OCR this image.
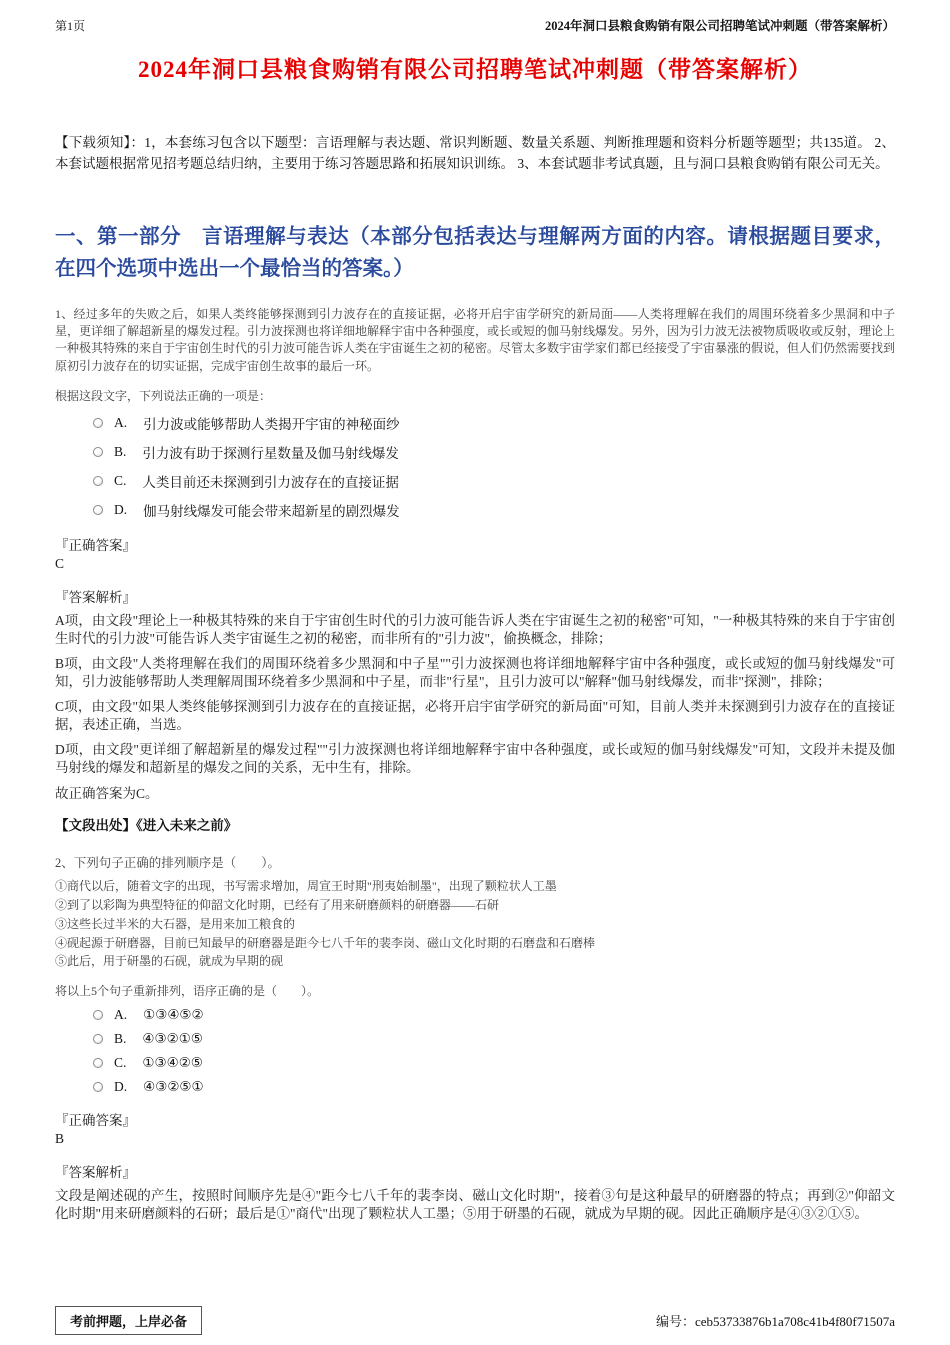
第1页	2024年洞口县粮食购销有限公司招聘笔试冲刺题（带答案解析）
2024年洞口县粮食购销有限公司招聘笔试冲刺题（带答案解析）

【下载须知】：1，本套练习包含以下题型：言语理解与表达题、常识判断题、数量关系题、判断推理题和资料分析题等题型；共135道。 2、本套试题根据常见招考题总结归纳，主要用于练习答题思路和拓展知识训练。 3、本套试题非考试真题，且与洞口县粮食购销有限公司无关。

一、第一部分　言语理解与表达（本部分包括表达与理解两方面的内容。请根据题目要求，在四个选项中选出一个最恰当的答案。）

1、经过多年的失败之后，如果人类终能够探测到引力波存在的直接证据，必将开启宇宙学研究的新局面——人类将理解在我们的周围环绕着多少黑洞和中子星，更详细了解超新星的爆发过程。引力波探测也将详细地解释宇宙中各种强度，或长或短的伽马射线爆发。另外，因为引力波无法被物质吸收或反射，理论上一种极其特殊的来自于宇宙创生时代的引力波可能告诉人类在宇宙诞生之初的秘密。尽管太多数宇宙学家们都已经接受了宇宙暴涨的假说，但人们仍然需要找到原初引力波存在的切实证据，完成宇宙创生故事的最后一环。

根据这段文字，下列说法正确的一项是：

A. 引力波或能够帮助人类揭开宇宙的神秘面纱
B. 引力波有助于探测行星数量及伽马射线爆发
C. 人类目前还未探测到引力波存在的直接证据
D. 伽马射线爆发可能会带来超新星的剧烈爆发

『正确答案』

C

『答案解析』

A项，由文段"理论上一种极其特殊的来自于宇宙创生时代的引力波可能告诉人类在宇宙诞生之初的秘密"可知，"一种极其特殊的来自于宇宙创生时代的引力波"可能告诉人类宇宙诞生之初的秘密，而非所有的"引力波"，偷换概念，排除；

B项，由文段"人类将理解在我们的周围环绕着多少黑洞和中子星""引力波探测也将详细地解释宇宙中各种强度，或长或短的伽马射线爆发"可知，引力波能够帮助人类理解周围环绕着多少黑洞和中子星，而非"行星"，且引力波可以"解释"伽马射线爆发，而非"探测"，排除；

C项，由文段"如果人类终能够探测到引力波存在的直接证据，必将开启宇宙学研究的新局面"可知，目前人类并未探测到引力波存在的直接证据，表述正确，当选。

D项，由文段"更详细了解超新星的爆发过程""引力波探测也将详细地解释宇宙中各种强度，或长或短的伽马射线爆发"可知，文段并未提及伽马射线的爆发和超新星的爆发之间的关系，无中生有，排除。

故正确答案为C。

【文段出处】《进入未来之前》

2、下列句子正确的排列顺序是（　　）。

①商代以后，随着文字的出现，书写需求增加，周宣王时期"刑夷始制墨"，出现了颗粒状人工墨

②到了以彩陶为典型特征的仰韶文化时期，已经有了用来研磨颜料的研磨器——石研

③这些长过半米的大石器，是用来加工粮食的

④砚起源于研磨器，目前已知最早的研磨器是距今七八千年的裴李岗、磁山文化时期的石磨盘和石磨棒

⑤此后，用于研墨的石砚，就成为早期的砚

将以上5个句子重新排列，语序正确的是（　　）。

A. ①③④⑤②
B. ④③②①⑤
C. ①③④②⑤
D. ④③②⑤①

『正确答案』

B

『答案解析』

文段是阐述砚的产生，按照时间顺序先是④"距今七八千年的裴李岗、磁山文化时期"，接着③句是这种最早的研磨器的特点；再到②"仰韶文化时期"用来研磨颜料的石研；最后是①"商代"出现了颗粒状人工墨；⑤用于研墨的石砚，就成为早期的砚。因此正确顺序是④③②①⑤。

考前押题，上岸必备	编号：ceb53733876b1a708c41b4f80f71507a
